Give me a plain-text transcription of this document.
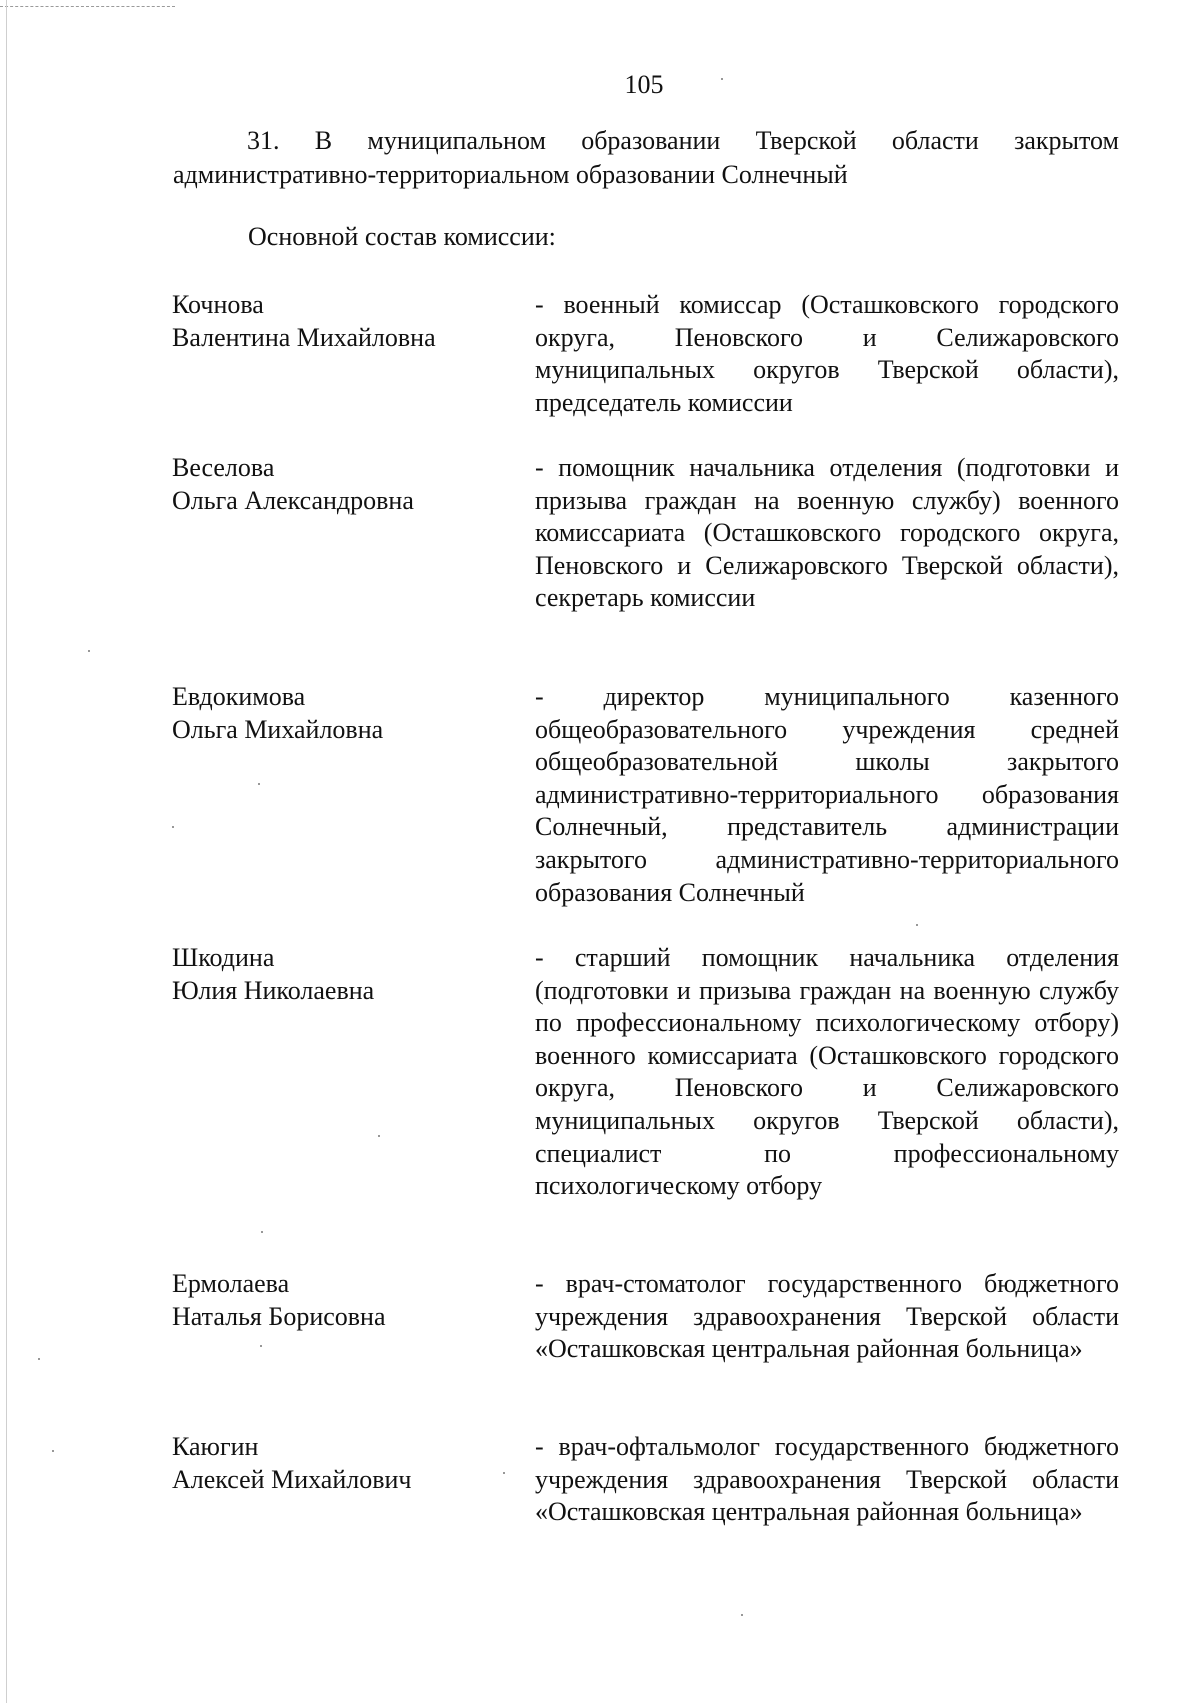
105

31. В муниципальном образовании Тверской области закрытом административно-территориальном образовании Солнечный

Основной состав комиссии:

Кочнова
Валентина Михайловна

- военный комиссар (Осташковского городского округа, Пеновского и Селижаровского муниципальных округов Тверской области), председатель комиссии

Веселова
Ольга Александровна

- помощник начальника отделения (подготовки и призыва граждан на военную службу) военного комиссариата (Осташковского городского округа, Пеновского и Селижаровского Тверской области), секретарь комиссии

Евдокимова
Ольга Михайловна

- директор муниципального казенного общеобразовательного учреждения средней общеобразовательной школы закрытого административно-территориального образования Солнечный, представитель администрации закрытого административно-территориального образования Солнечный

Шкодина
Юлия Николаевна

- старший помощник начальника отделения (подготовки и призыва граждан на военную службу по профессиональному психологическому отбору) военного комиссариата (Осташковского городского округа, Пеновского и Селижаровского муниципальных округов Тверской области), специалист по профессиональному психологическому отбору

Ермолаева
Наталья Борисовна

- врач-стоматолог государственного бюджетного учреждения здравоохранения Тверской области «Осташковская центральная районная больница»

Каюгин
Алексей Михайлович

- врач-офтальмолог государственного бюджетного учреждения здравоохранения Тверской области «Осташковская центральная районная больница»
